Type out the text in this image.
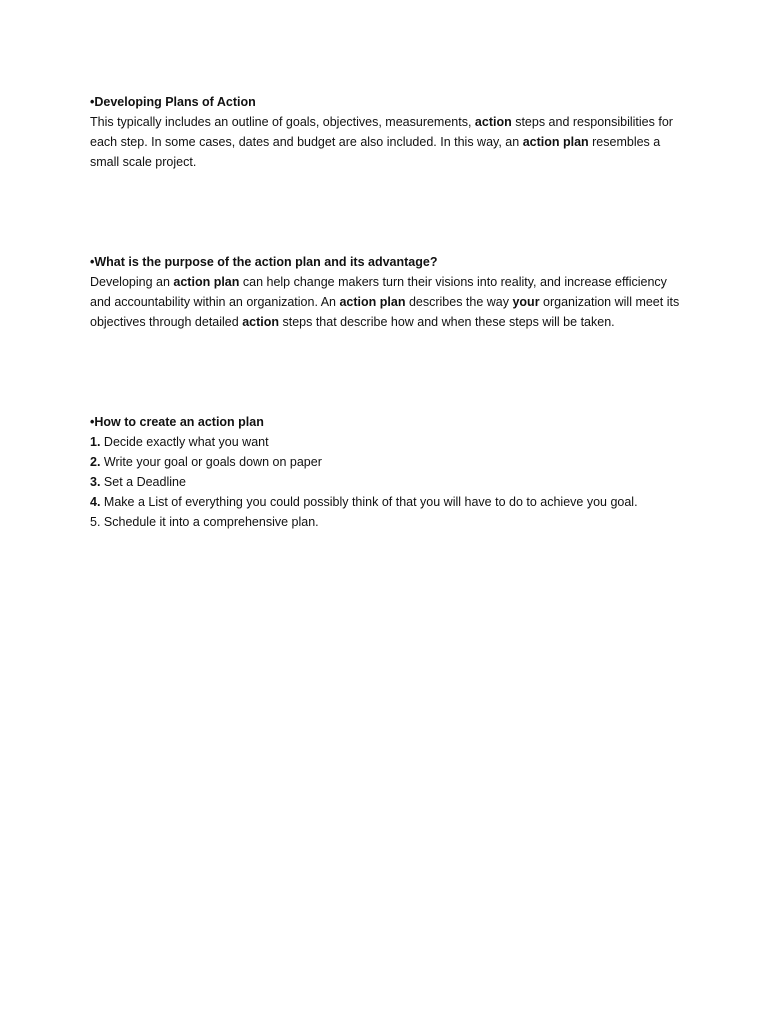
•Developing Plans of Action

This typically includes an outline of goals, objectives, measurements, action steps and responsibilities for each step. In some cases, dates and budget are also included. In this way, an action plan resembles a small scale project.

•What is the purpose of the action plan and its advantage?

Developing an action plan can help change makers turn their visions into reality, and increase efficiency and accountability within an organization. An action plan describes the way your organization will meet its objectives through detailed action steps that describe how and when these steps will be taken.

•How to create an action plan

1. Decide exactly what you want
2. Write your goal or goals down on paper
3. Set a Deadline
4. Make a List of everything you could possibly think of that you will have to do to achieve you goal.
5. Schedule it into a comprehensive plan.
